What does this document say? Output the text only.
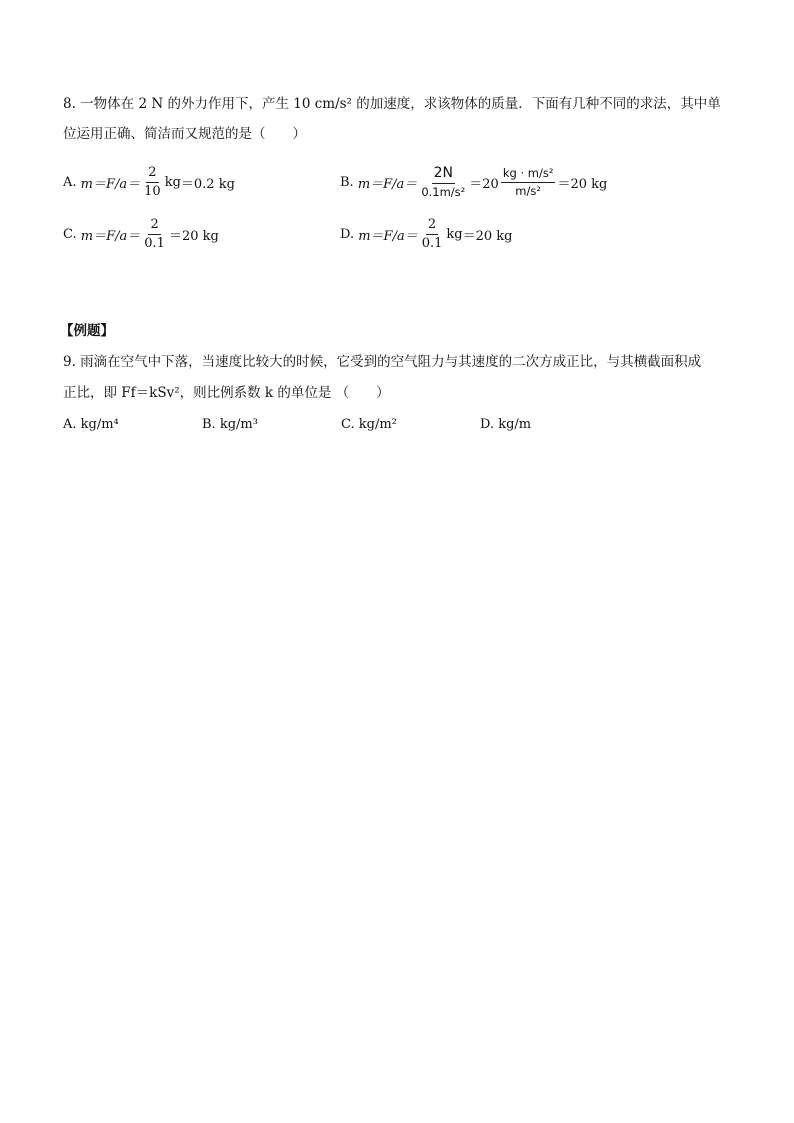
8. 一物体在 2 N 的外力作用下，产生 10 cm/s² 的加速度，求该物体的质量．下面有几种不同的求法，其中单
位运用正确、简洁而又规范的是（　　）
A.
$m=F/a= \frac{2}{10}$ kg ＝0.2 kg	B.
$m=F/a= \frac{2N}{\text{0.1m/s²}} =20 \frac{\text{kg · m/s²}}{\text{m/s²}} =20$ kg
C.
$m=F/a= \frac{2}{0.1} =20$ kg	D.
$m=F/a= \frac{2}{0.1}$ kg ＝20 kg
【例题】
9. 雨滴在空气中下落，当速度比较大的时候，它受到的空气阻力与其速度的二次方成正比，与其横截面积成
正比，即 Ff＝kSv²，则比例系数 k 的单位是 （　　）
A. kg/m⁴	B. kg/m³	C. kg/m²	D. kg/m
